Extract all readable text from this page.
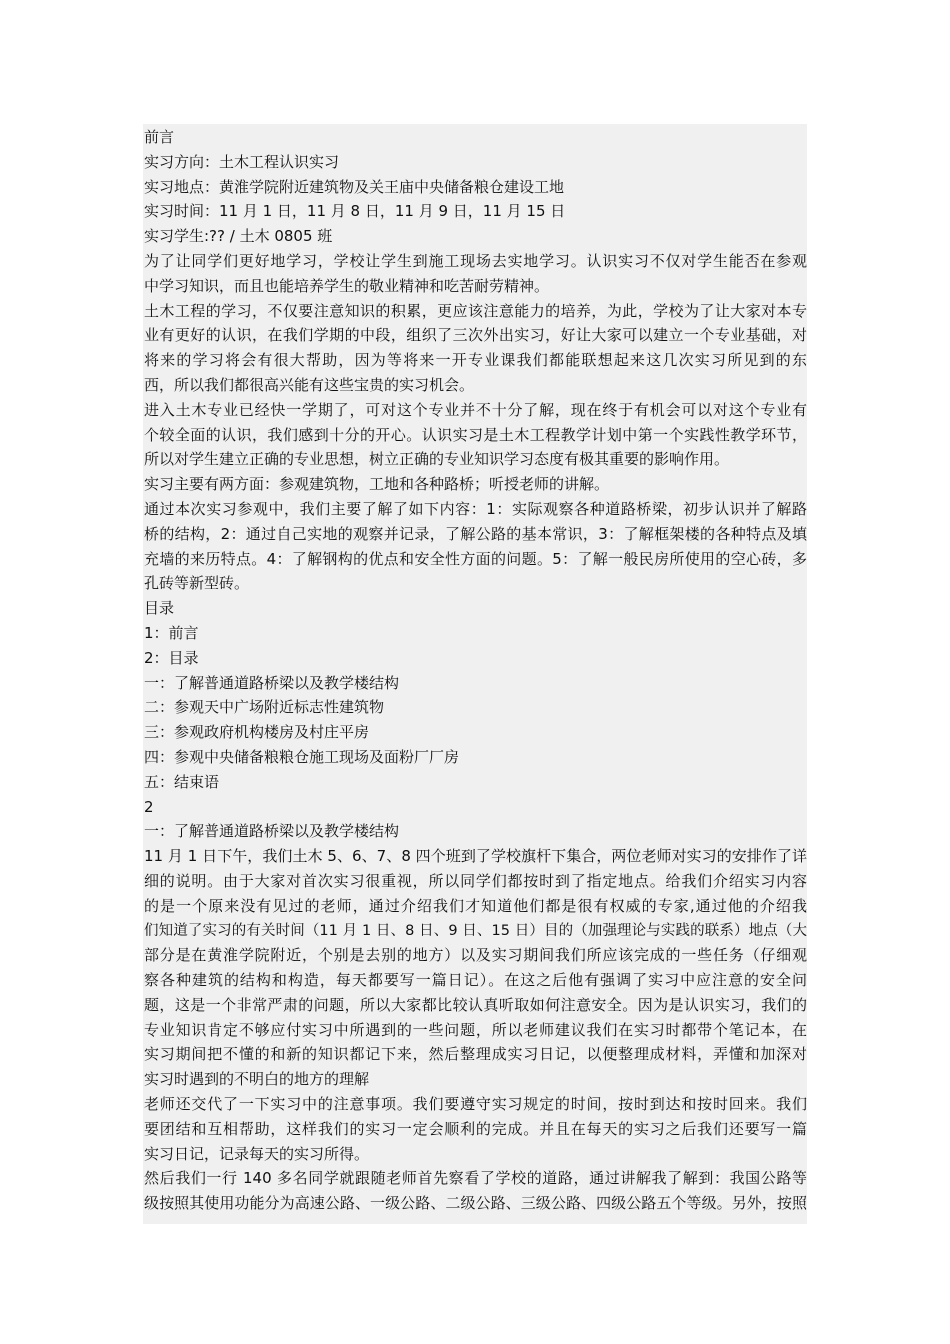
前言
实习方向：土木工程认识实习
实习地点：黄淮学院附近建筑物及关王庙中央储备粮仓建设工地
实习时间：11 月 1 日，11 月 8 日，11 月 9 日，11 月 15 日
实习学生:?? / 土木 0805 班
为了让同学们更好地学习，学校让学生到施工现场去实地学习。认识实习不仅对学生能否在参观
中学习知识，而且也能培养学生的敬业精神和吃苦耐劳精神。
土木工程的学习，不仅要注意知识的积累，更应该注意能力的培养，为此，学校为了让大家对本专
业有更好的认识，在我们学期的中段，组织了三次外出实习，好让大家可以建立一个专业基础，对
将来的学习将会有很大帮助，因为等将来一开专业课我们都能联想起来这几次实习所见到的东
西，所以我们都很高兴能有这些宝贵的实习机会。
进入土木专业已经快一学期了，可对这个专业并不十分了解，现在终于有机会可以对这个专业有
个较全面的认识，我们感到十分的开心。认识实习是土木工程教学计划中第一个实践性教学环节，
所以对学生建立正确的专业思想，树立正确的专业知识学习态度有极其重要的影响作用。
实习主要有两方面：参观建筑物，工地和各种路桥；听授老师的讲解。
通过本次实习参观中，我们主要了解了如下内容：1：实际观察各种道路桥梁，初步认识并了解路
桥的结构，2：通过自己实地的观察并记录，了解公路的基本常识，3：了解框架楼的各种特点及填
充墙的来历特点。4：了解钢构的优点和安全性方面的问题。5：了解一般民房所使用的空心砖，多
孔砖等新型砖。
目录
1：前言
2：目录
一：了解普通道路桥梁以及教学楼结构
二：参观天中广场附近标志性建筑物
三：参观政府机构楼房及村庄平房
四：参观中央储备粮粮仓施工现场及面粉厂厂房
五：结束语
2
一：了解普通道路桥梁以及教学楼结构
11 月 1 日下午，我们土木 5、6、7、8 四个班到了学校旗杆下集合，两位老师对实习的安排作了详
细的说明。由于大家对首次实习很重视，所以同学们都按时到了指定地点。给我们介绍实习内容
的是一个原来没有见过的老师，通过介绍我们才知道他们都是很有权威的专家,通过他的介绍我
们知道了实习的有关时间（11 月 1 日、8 日、9 日、15 日）目的（加强理论与实践的联系）地点（大
部分是在黄淮学院附近，个别是去别的地方）以及实习期间我们所应该完成的一些任务（仔细观
察各种建筑的结构和构造，每天都要写一篇日记）。在这之后他有强调了实习中应注意的安全问
题，这是一个非常严肃的问题，所以大家都比较认真听取如何注意安全。因为是认识实习，我们的
专业知识肯定不够应付实习中所遇到的一些问题，所以老师建议我们在实习时都带个笔记本，在
实习期间把不懂的和新的知识都记下来，然后整理成实习日记，以便整理成材料，弄懂和加深对
实习时遇到的不明白的地方的理解
老师还交代了一下实习中的注意事项。我们要遵守实习规定的时间，按时到达和按时回来。我们
要团结和互相帮助，这样我们的实习一定会顺利的完成。并且在每天的实习之后我们还要写一篇
实习日记，记录每天的实习所得。
然后我们一行 140 多名同学就跟随老师首先察看了学校的道路，通过讲解我了解到：我国公路等
级按照其使用功能分为高速公路、一级公路、二级公路、三级公路、四级公路五个等级。另外，按照
